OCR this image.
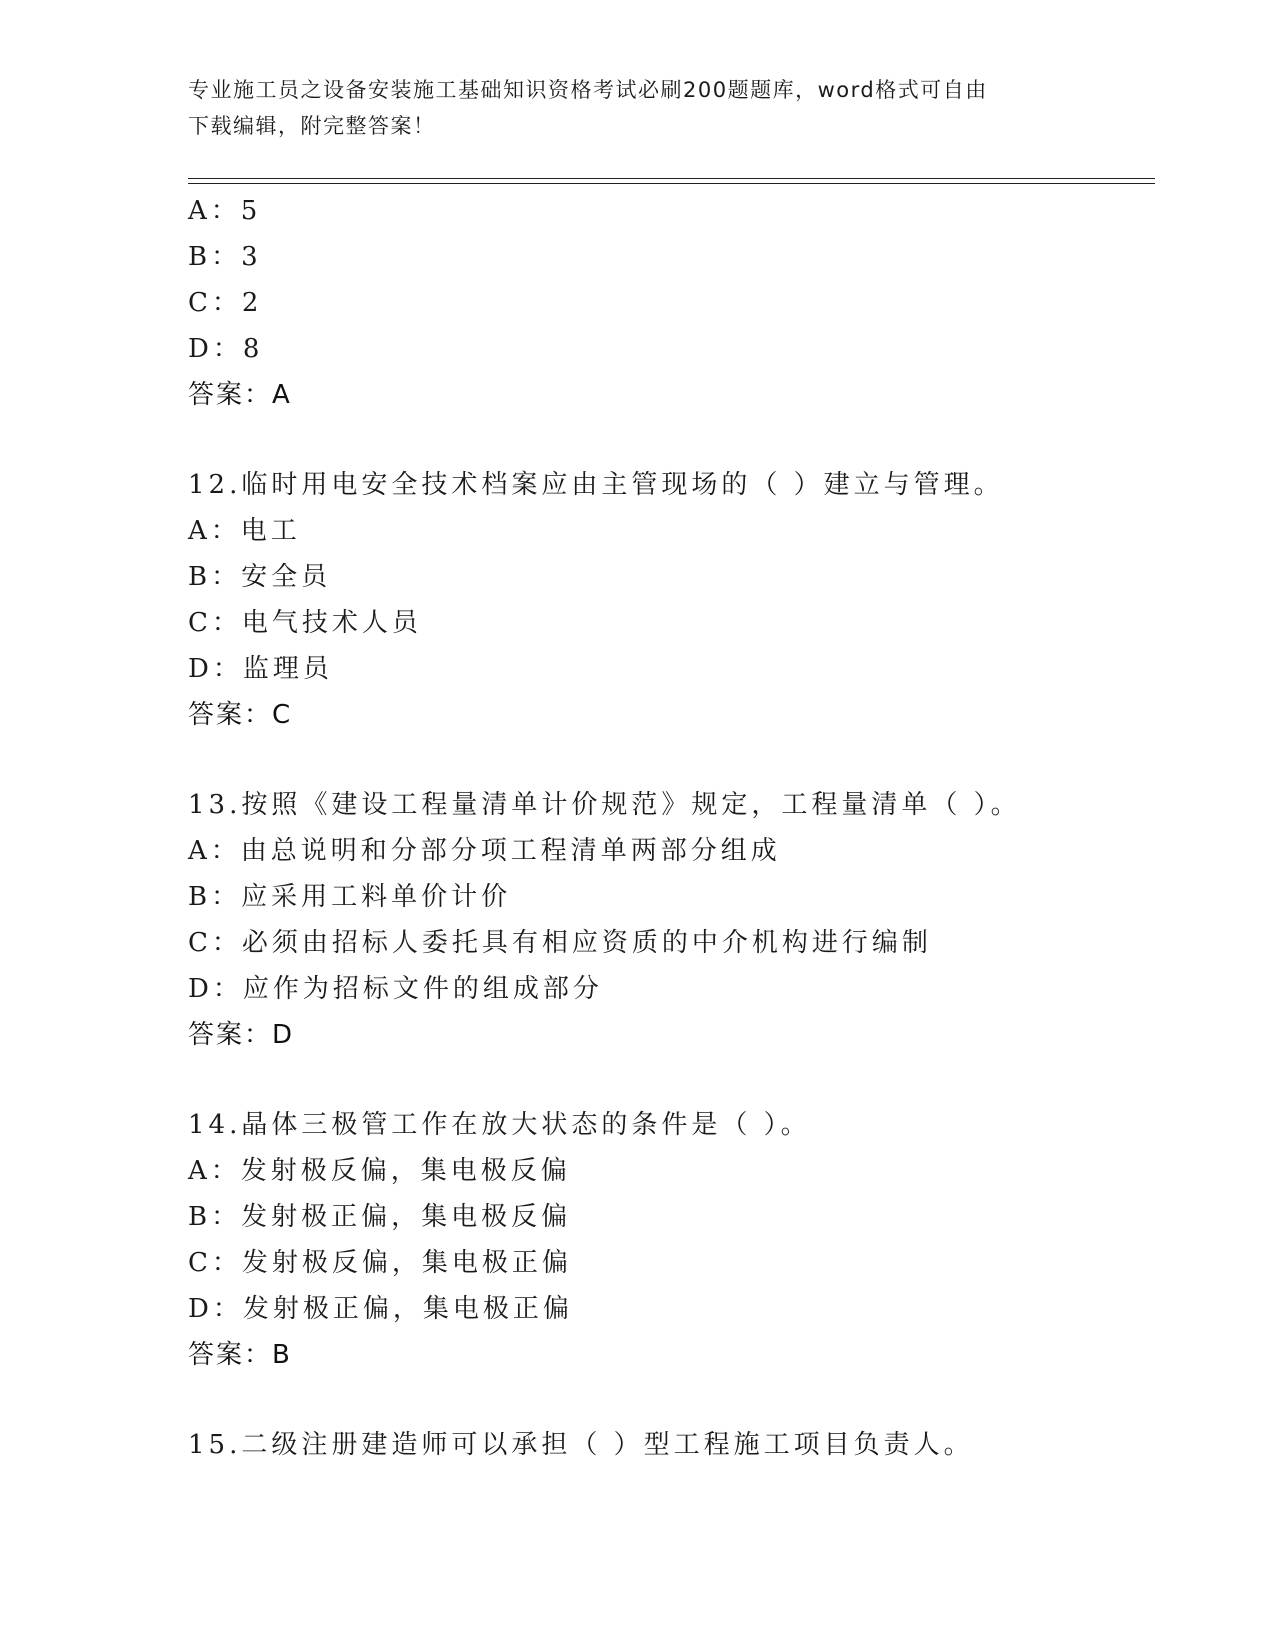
专业施工员之设备安装施工基础知识资格考试必刷200题题库，word格式可自由
下载编辑，附完整答案！
A：5
B：3
C：2
D：8
答案：A
12.临时用电安全技术档案应由主管现场的（ ）建立与管理。
A：电工
B：安全员
C：电气技术人员
D：监理员
答案：C
13.按照《建设工程量清单计价规范》规定，工程量清单（ ）。
A：由总说明和分部分项工程清单两部分组成
B：应采用工料单价计价
C：必须由招标人委托具有相应资质的中介机构进行编制
D：应作为招标文件的组成部分
答案：D
14.晶体三极管工作在放大状态的条件是（ ）。
A：发射极反偏，集电极反偏
B：发射极正偏，集电极反偏
C：发射极反偏，集电极正偏
D：发射极正偏，集电极正偏
答案：B
15.二级注册建造师可以承担（ ）型工程施工项目负责人。
